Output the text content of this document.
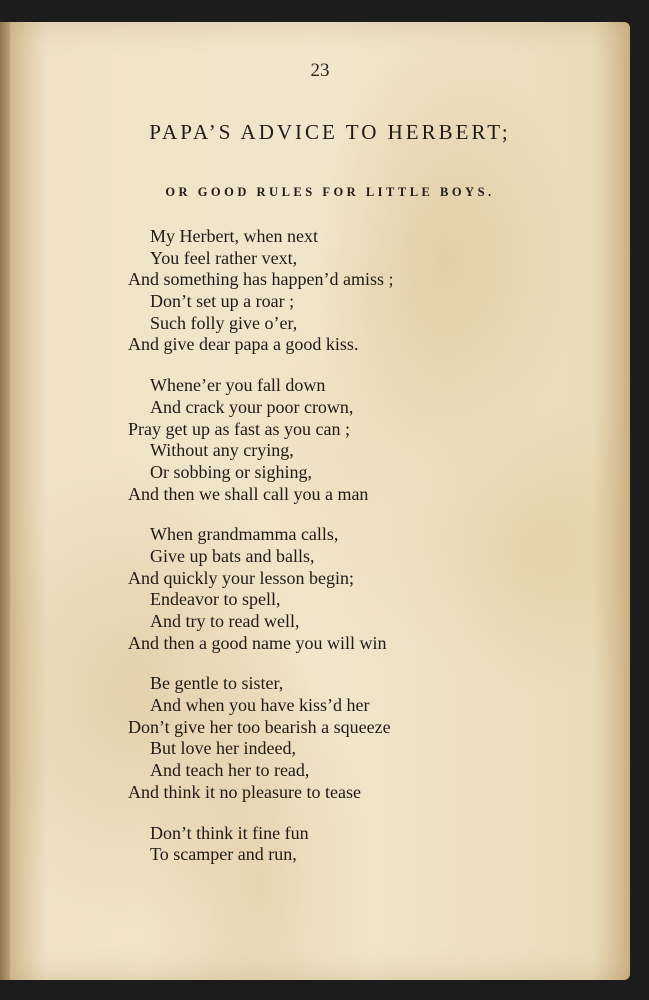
23
PAPA’S ADVICE TO HERBERT;
OR GOOD RULES FOR LITTLE BOYS.
My Herbert, when next
You feel rather vext,
And something has happen’d amiss ;
Don’t set up a roar ;
Such folly give o’er,
And give dear papa a good kiss.
Whene’er you fall down
And crack your poor crown,
Pray get up as fast as you can ;
Without any crying,
Or sobbing or sighing,
And then we shall call you a man
When grandmamma calls,
Give up bats and balls,
And quickly your lesson begin;
Endeavor to spell,
And try to read well,
And then a good name you will win
Be gentle to sister,
And when you have kiss’d her
Don’t give her too bearish a squeeze
But love her indeed,
And teach her to read,
And think it no pleasure to tease
Don’t think it fine fun
To scamper and run,
